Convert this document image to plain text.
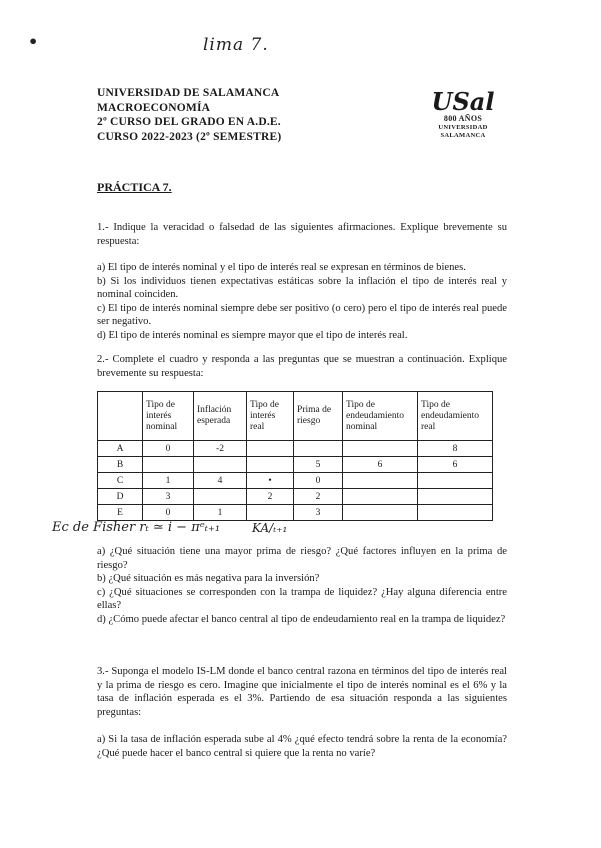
•	lima 7.
UNIVERSIDAD DE SALAMANCA
MACROECONOMÍA
2º CURSO DEL GRADO EN A.D.E.
CURSO 2022-2023 (2º SEMESTRE)
USal
800 AÑOS
UNIVERSIDAD
SALAMANCA
PRÁCTICA 7.
1.- Indique la veracidad o falsedad de las siguientes afirmaciones. Explique brevemente su respuesta:
a) El tipo de interés nominal y el tipo de interés real se expresan en términos de bienes.
b) Si los individuos tienen expectativas estáticas sobre la inflación el tipo de interés real y nominal coinciden.
c) El tipo de interés nominal siempre debe ser positivo (o cero) pero el tipo de interés real puede ser negativo.
d) El tipo de interés nominal es siempre mayor que el tipo de interés real.
2.- Complete el cuadro y responda a las preguntas que se muestran a continuación. Explique brevemente su respuesta:
	Tipo de interés nominal	Inflación esperada	Tipo de interés real	Prima de riesgo	Tipo de endeudamiento nominal	Tipo de endeudamiento real
A	0	-2				8
B				5	6	6
C	1	4	•	0		
D	3		2	2		
E	0	1		3		
Ec de Fisher rₜ ≃ i − πᵉₜ₊₁	KA/ₜ₊₁
a) ¿Qué situación tiene una mayor prima de riesgo? ¿Qué factores influyen en la prima de riesgo?
b) ¿Qué situación es más negativa para la inversión?
c) ¿Qué situaciones se corresponden con la trampa de liquidez? ¿Hay alguna diferencia entre ellas?
d) ¿Cómo puede afectar el banco central al tipo de endeudamiento real en la trampa de liquidez?
3.- Suponga el modelo IS-LM donde el banco central razona en términos del tipo de interés real y la prima de riesgo es cero. Imagine que inicialmente el tipo de interés nominal es el 6% y la tasa de inflación esperada es el 3%. Partiendo de esa situación responda a las siguientes preguntas:
a) Si la tasa de inflación esperada sube al 4% ¿qué efecto tendrá sobre la renta de la economía? ¿Qué puede hacer el banco central si quiere que la renta no varíe?
